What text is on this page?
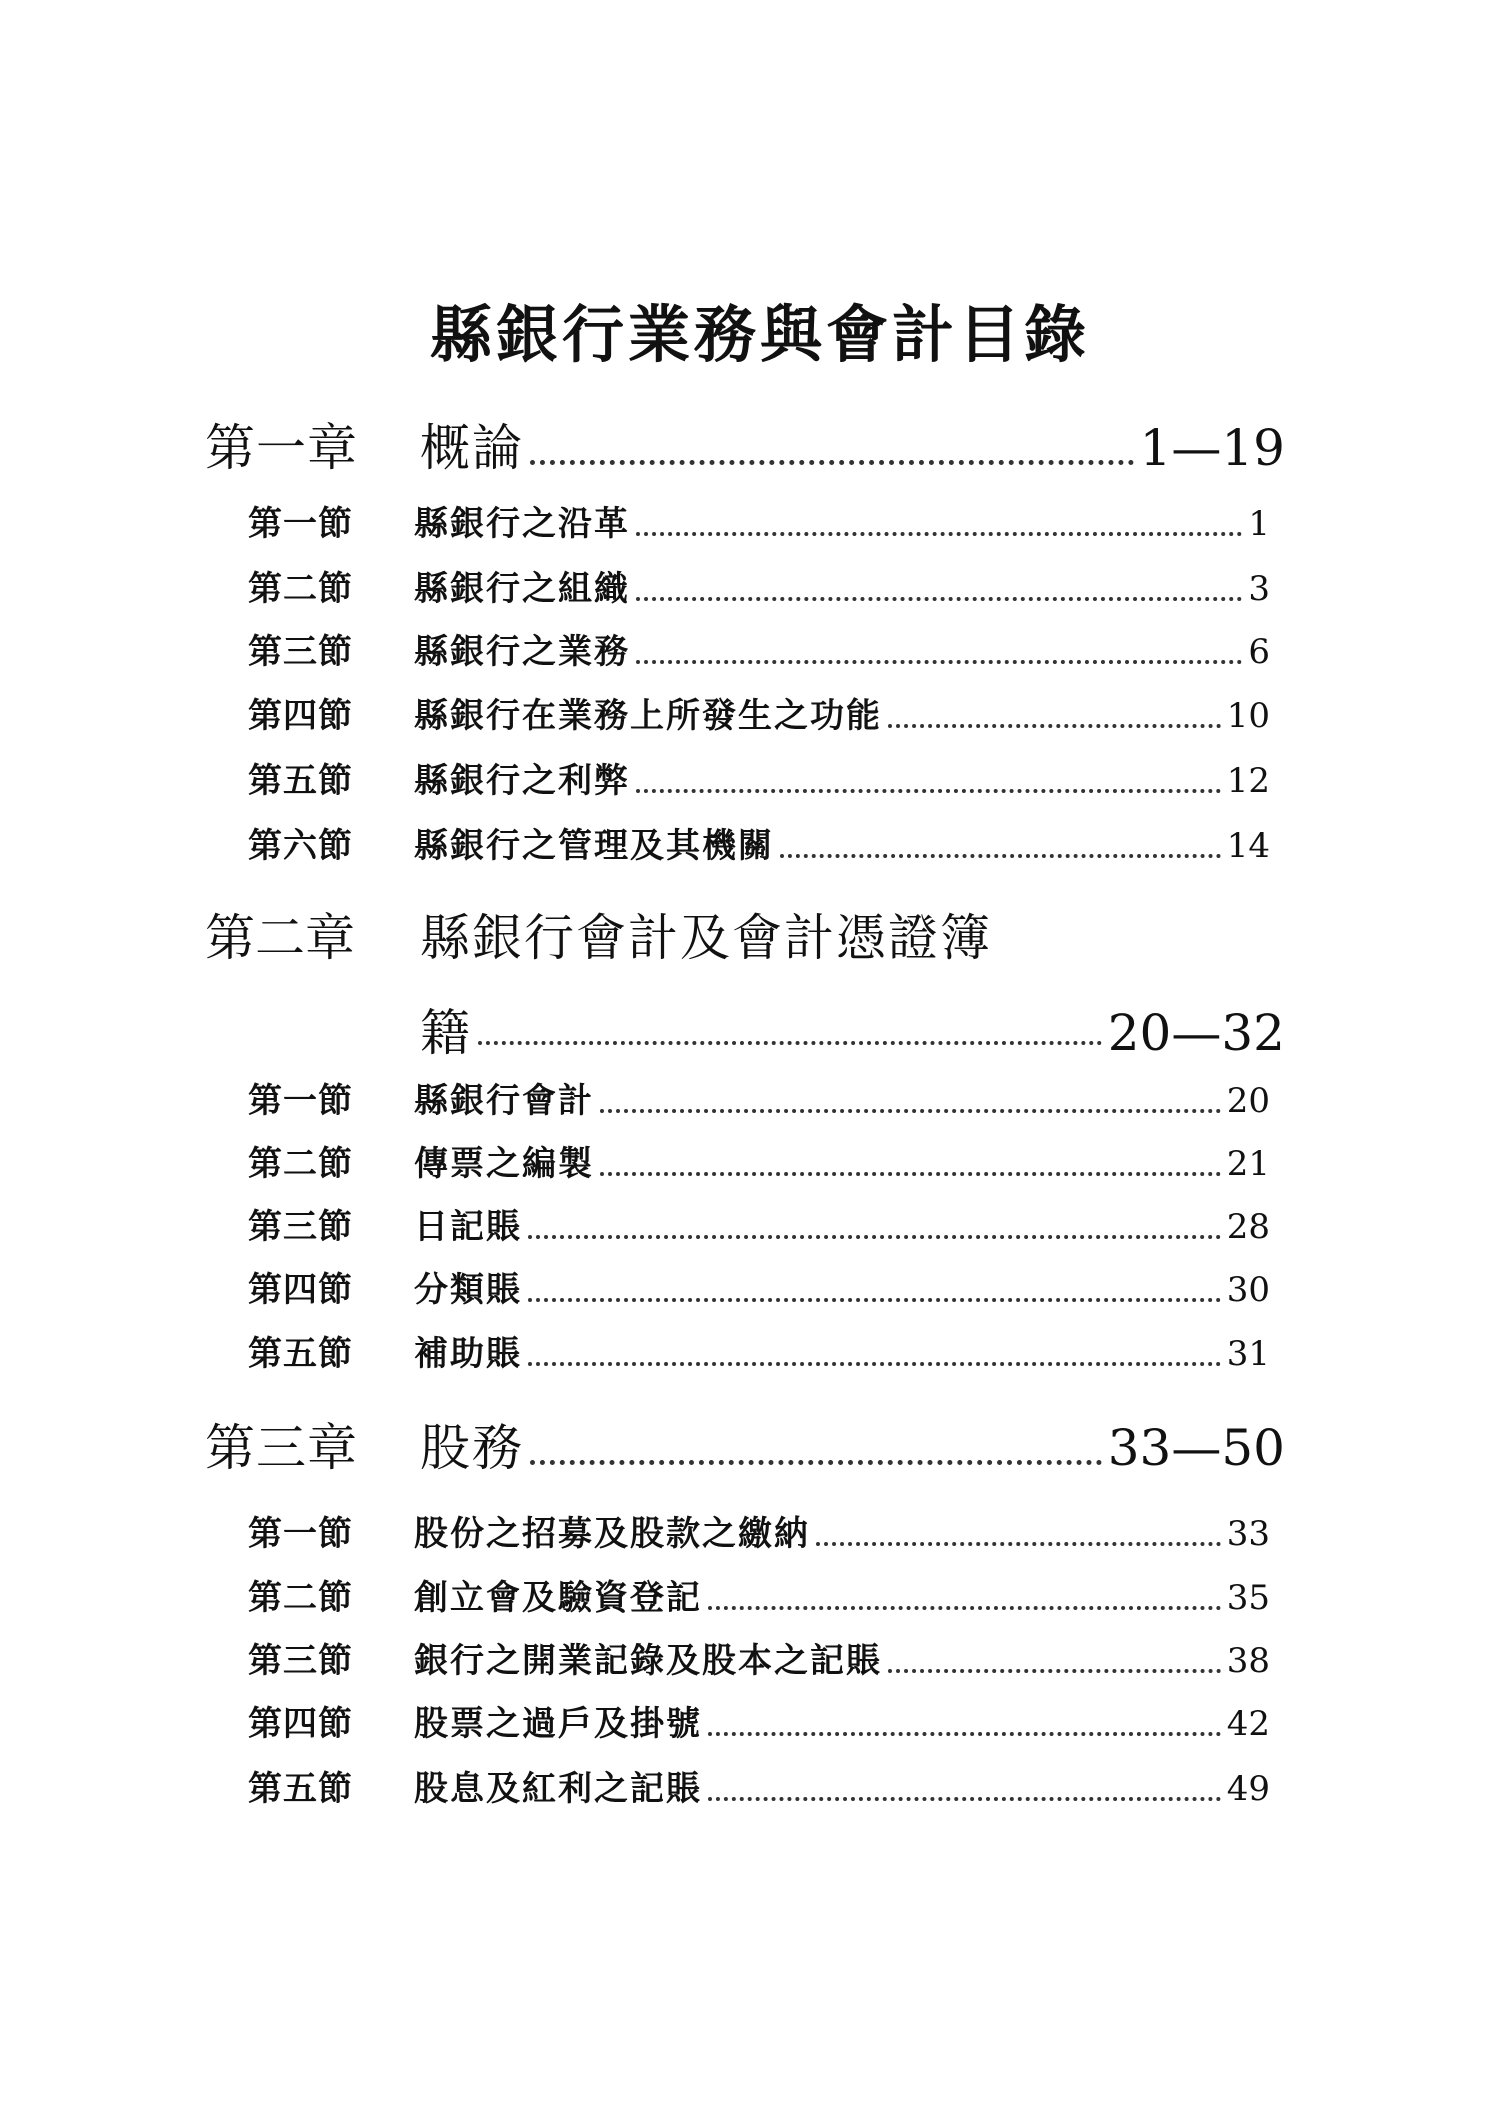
縣銀行業務與會計目錄
第一章	概論	1—19
第一節	縣銀行之沿革	1
第二節	縣銀行之組織	3
第三節	縣銀行之業務	6
第四節	縣銀行在業務上所發生之功能	10
第五節	縣銀行之利弊	12
第六節	縣銀行之管理及其機關	14
第二章	縣銀行會計及會計憑證簿
籍	20—32
第一節	縣銀行會計	20
第二節	傳票之編製	21
第三節	日記賬	28
第四節	分類賬	30
第五節	補助賬	31
第三章	股務	33—50
第一節	股份之招募及股款之繳納	33
第二節	創立會及驗資登記	35
第三節	銀行之開業記錄及股本之記賬	38
第四節	股票之過戶及掛號	42
第五節	股息及紅利之記賬	49
